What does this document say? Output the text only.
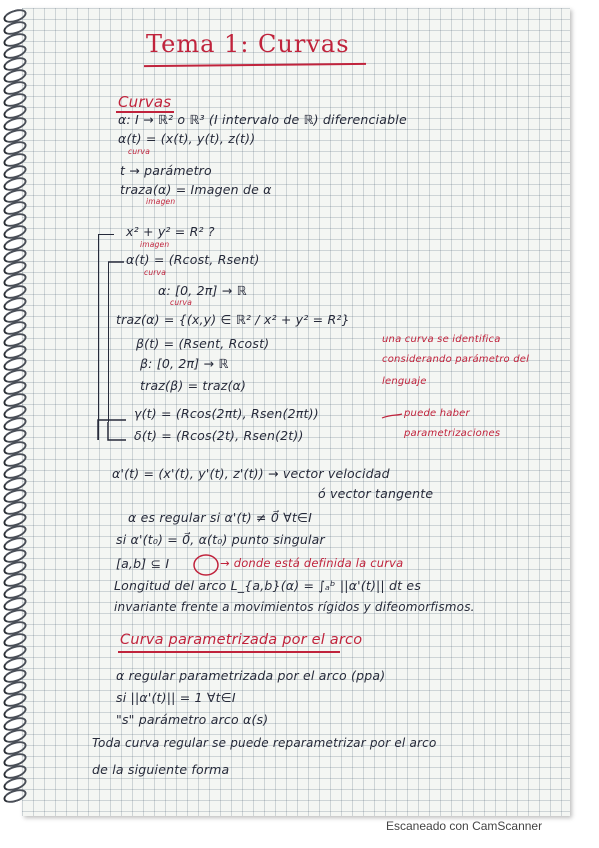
Tema 1: Curvas
Curvas
α: I → ℝ² o ℝ³ (I intervalo de ℝ) diferenciable
α(t) = (x(t), y(t), z(t))
curva
t → parámetro
traza(α) = Imagen de α
imagen
x² + y² = R² ?
imagen
α(t) = (Rcost, Rsent)
curva
α: [0, 2π] → ℝ
curva
traz(α) = {(x,y) ∈ ℝ² / x² + y² = R²}
β(t) = (Rsent, Rcost)
β: [0, 2π] → ℝ
traz(β) = traz(α)
una curva se identifica
considerando parámetro del
lenguaje
γ(t) = (Rcos(2πt), Rsen(2πt))
δ(t) = (Rcos(2t), Rsen(2t))
puede haber
parametrizaciones
α'(t) = (x'(t), y'(t), z'(t)) → vector velocidad
ó vector tangente
α es regular si α'(t) ≠ 0⃗ ∀t∈I
si α'(t₀) = 0⃗, α(t₀) punto singular
[a,b] ⊆ I	→ donde está definida la curva
Longitud del arco L_{a,b}(α) = ∫ₐᵇ ||α'(t)|| dt es
invariante frente a movimientos rígidos y difeomorfismos.
Curva parametrizada por el arco
α regular parametrizada por el arco (ppa)
si ||α'(t)|| = 1 ∀t∈I
"s" parámetro arco α(s)
Toda curva regular se puede reparametrizar por el arco
de la siguiente forma
Escaneado con CamScanner
